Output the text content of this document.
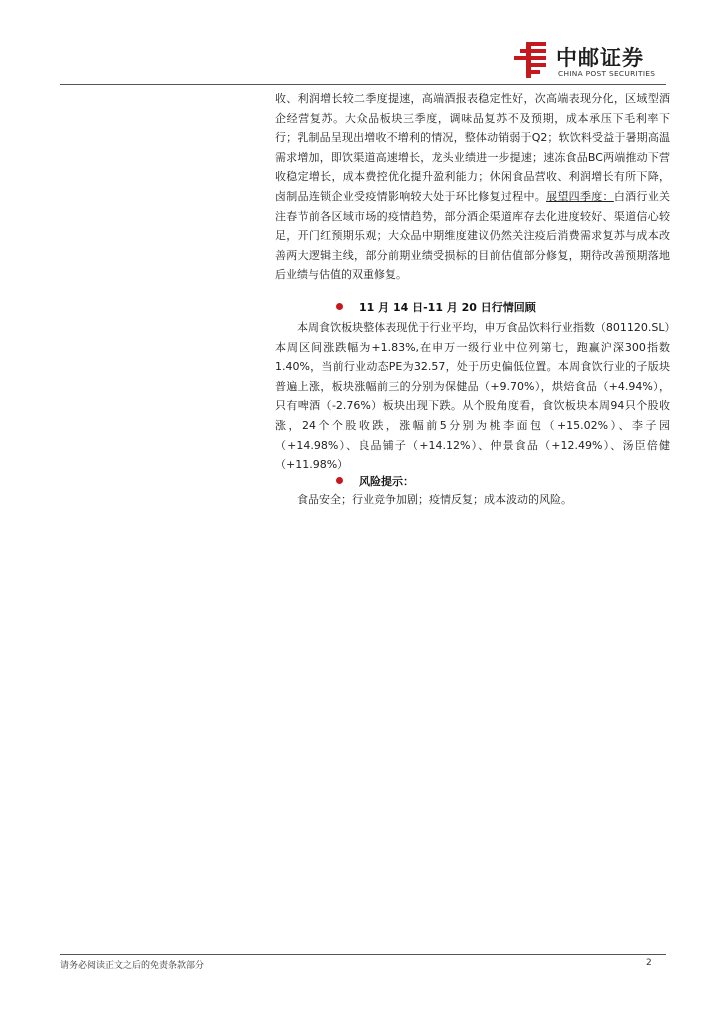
中邮证券
CHINA POST SECURITIES
收、利润增长较二季度提速，高端酒报表稳定性好，次高端表现分化，区域型酒企经营复苏。大众品板块三季度，调味品复苏不及预期，成本承压下毛利率下行；乳制品呈现出增收不增利的情况，整体动销弱于Q2；软饮料受益于暑期高温需求增加，即饮渠道高速增长，龙头业绩进一步提速；速冻食品BC两端推动下营收稳定增长，成本费控优化提升盈利能力；休闲食品营收、利润增长有所下降，卤制品连锁企业受疫情影响较大处于环比修复过程中。展望四季度：白酒行业关注春节前各区域市场的疫情趋势，部分酒企渠道库存去化进度较好、渠道信心较足，开门红预期乐观；大众品中期维度建议仍然关注疫后消费需求复苏与成本改善两大逻辑主线，部分前期业绩受损标的目前估值部分修复，期待改善预期落地后业绩与估值的双重修复。
11 月 14 日-11 月 20 日行情回顾
本周食饮板块整体表现优于行业平均，申万食品饮料行业指数（801120.SL）本周区间涨跌幅为+1.83%,在申万一级行业中位列第七，跑赢沪深300指数1.40%，当前行业动态PE为32.57，处于历史偏低位置。本周食饮行业的子版块普遍上涨，板块涨幅前三的分别为保健品（+9.70%），烘焙食品（+4.94%），只有啤酒（-2.76%）板块出现下跌。从个股角度看，食饮板块本周94只个股收涨，24个个股收跌，涨幅前5分别为桃李面包（+15.02%）、李子园（+14.98%）、良品铺子（+14.12%）、仲景食品（+12.49%）、汤臣倍健（+11.98%）
风险提示：
食品安全；行业竞争加剧；疫情反复；成本波动的风险。
请务必阅读正文之后的免责条款部分	2
